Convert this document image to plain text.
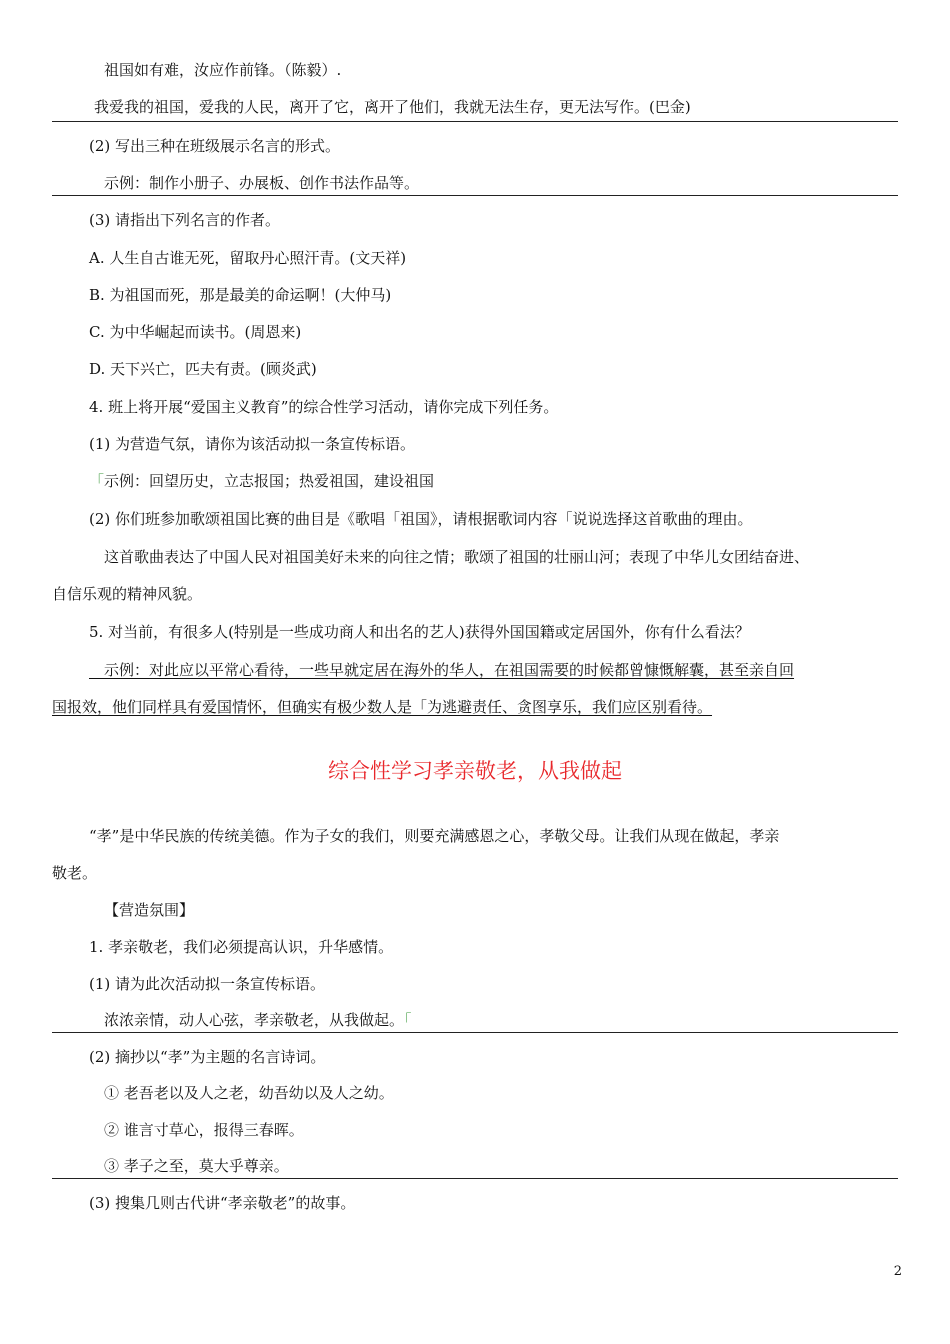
祖国如有难，汝应作前锋。（陈毅）.
我爱我的祖国，爱我的人民，离开了它，离开了他们，我就无法生存，更无法写作。(巴金)
(2) 写出三种在班级展示名言的形式。
示例：制作小册子、办展板、创作书法作品等。
(3) 请指出下列名言的作者。
A. 人生自古谁无死，留取丹心照汗青。(文天祥)
B. 为祖国而死，那是最美的命运啊！(大仲马)
C. 为中华崛起而读书。(周恩来)
D. 天下兴亡，匹夫有责。(顾炎武)
4. 班上将开展“爱国主义教育”的综合性学习活动，请你完成下列任务。
(1) 为营造气氛，请你为该活动拟一条宣传标语。
「示例：回望历史，立志报国；热爱祖国，建设祖国
(2) 你们班参加歌颂祖国比赛的曲目是《歌唱「祖国》，请根据歌词内容「说说选择这首歌曲的理由。
这首歌曲表达了中国人民对祖国美好未来的向往之情；歌颂了祖国的壮丽山河；表现了中华儿女团结奋进、
自信乐观的精神风貌。
5. 对当前，有很多人(特别是一些成功商人和出名的艺人)获得外国国籍或定居国外，你有什么看法？
__示例：对此应以平常心看待，一些早就定居在海外的华人，在祖国需要的时候都曾慷慨解囊，甚至亲自回
国报效，他们同样具有爱国情怀，但确实有极少数人是「为逃避责任、贪图享乐，我们应区别看待。
综合性学习孝亲敬老，从我做起
“孝”是中华民族的传统美德。作为子女的我们，则要充满感恩之心，孝敬父母。让我们从现在做起，孝亲
敬老。
【营造氛围】
1. 孝亲敬老，我们必须提高认识，升华感情。
(1) 请为此次活动拟一条宣传标语。
浓浓亲情，动人心弦，孝亲敬老，从我做起。「
(2) 摘抄以“孝”为主题的名言诗词。
① 老吾老以及人之老，幼吾幼以及人之幼。
② 谁言寸草心，报得三春晖。
③ 孝子之至，莫大乎尊亲。
(3) 搜集几则古代讲“孝亲敬老”的故事。
2
